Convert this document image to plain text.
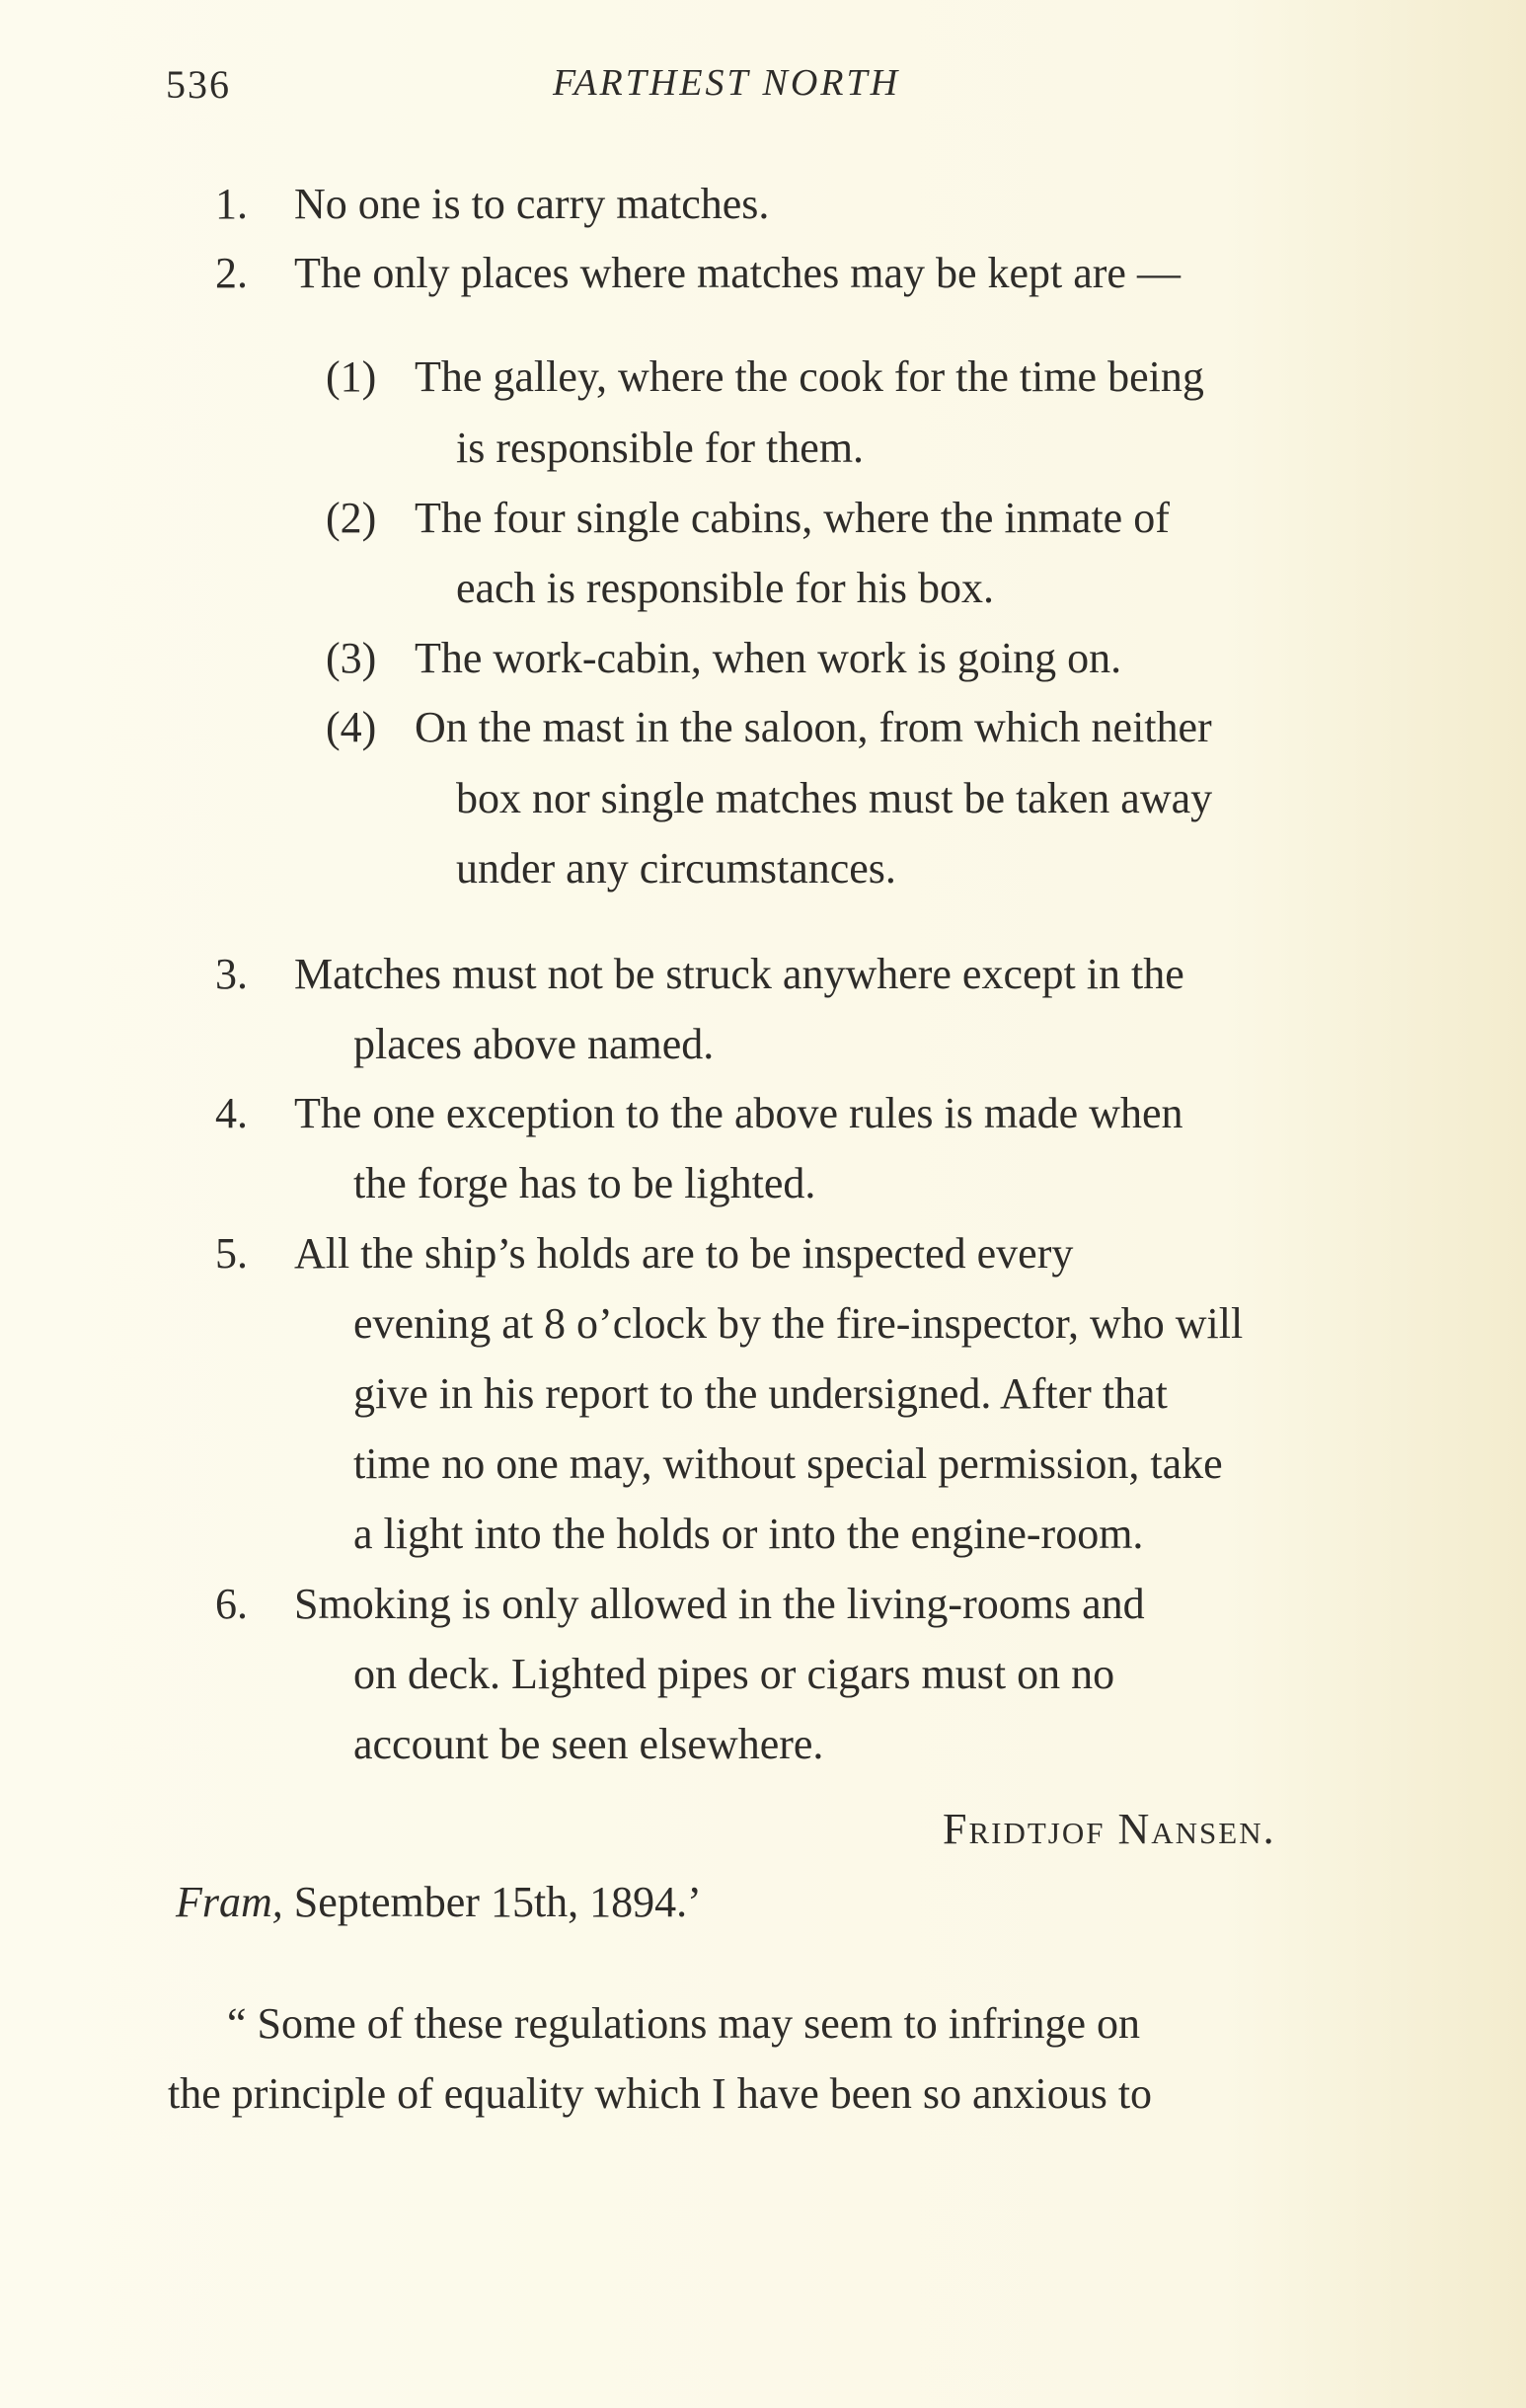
536	FARTHEST NORTH
1. No one is to carry matches.
2. The only places where matches may be kept are —
(1) The galley, where the cook for the time being
is responsible for them.
(2) The four single cabins, where the inmate of
each is responsible for his box.
(3) The work-cabin, when work is going on.
(4) On the mast in the saloon, from which neither
box nor single matches must be taken away
under any circumstances.
3. Matches must not be struck anywhere except in the
places above named.
4. The one exception to the above rules is made when
the forge has to be lighted.
5. All the ship’s holds are to be inspected every
evening at 8 o’clock by the fire-inspector, who will
give in his report to the undersigned. After that
time no one may, without special permission, take
a light into the holds or into the engine-room.
6. Smoking is only allowed in the living-rooms and
on deck. Lighted pipes or cigars must on no
account be seen elsewhere.
Fridtjof Nansen.
Fram, September 15th, 1894.’
“ Some of these regulations may seem to infringe on
the principle of equality which I have been so anxious to
